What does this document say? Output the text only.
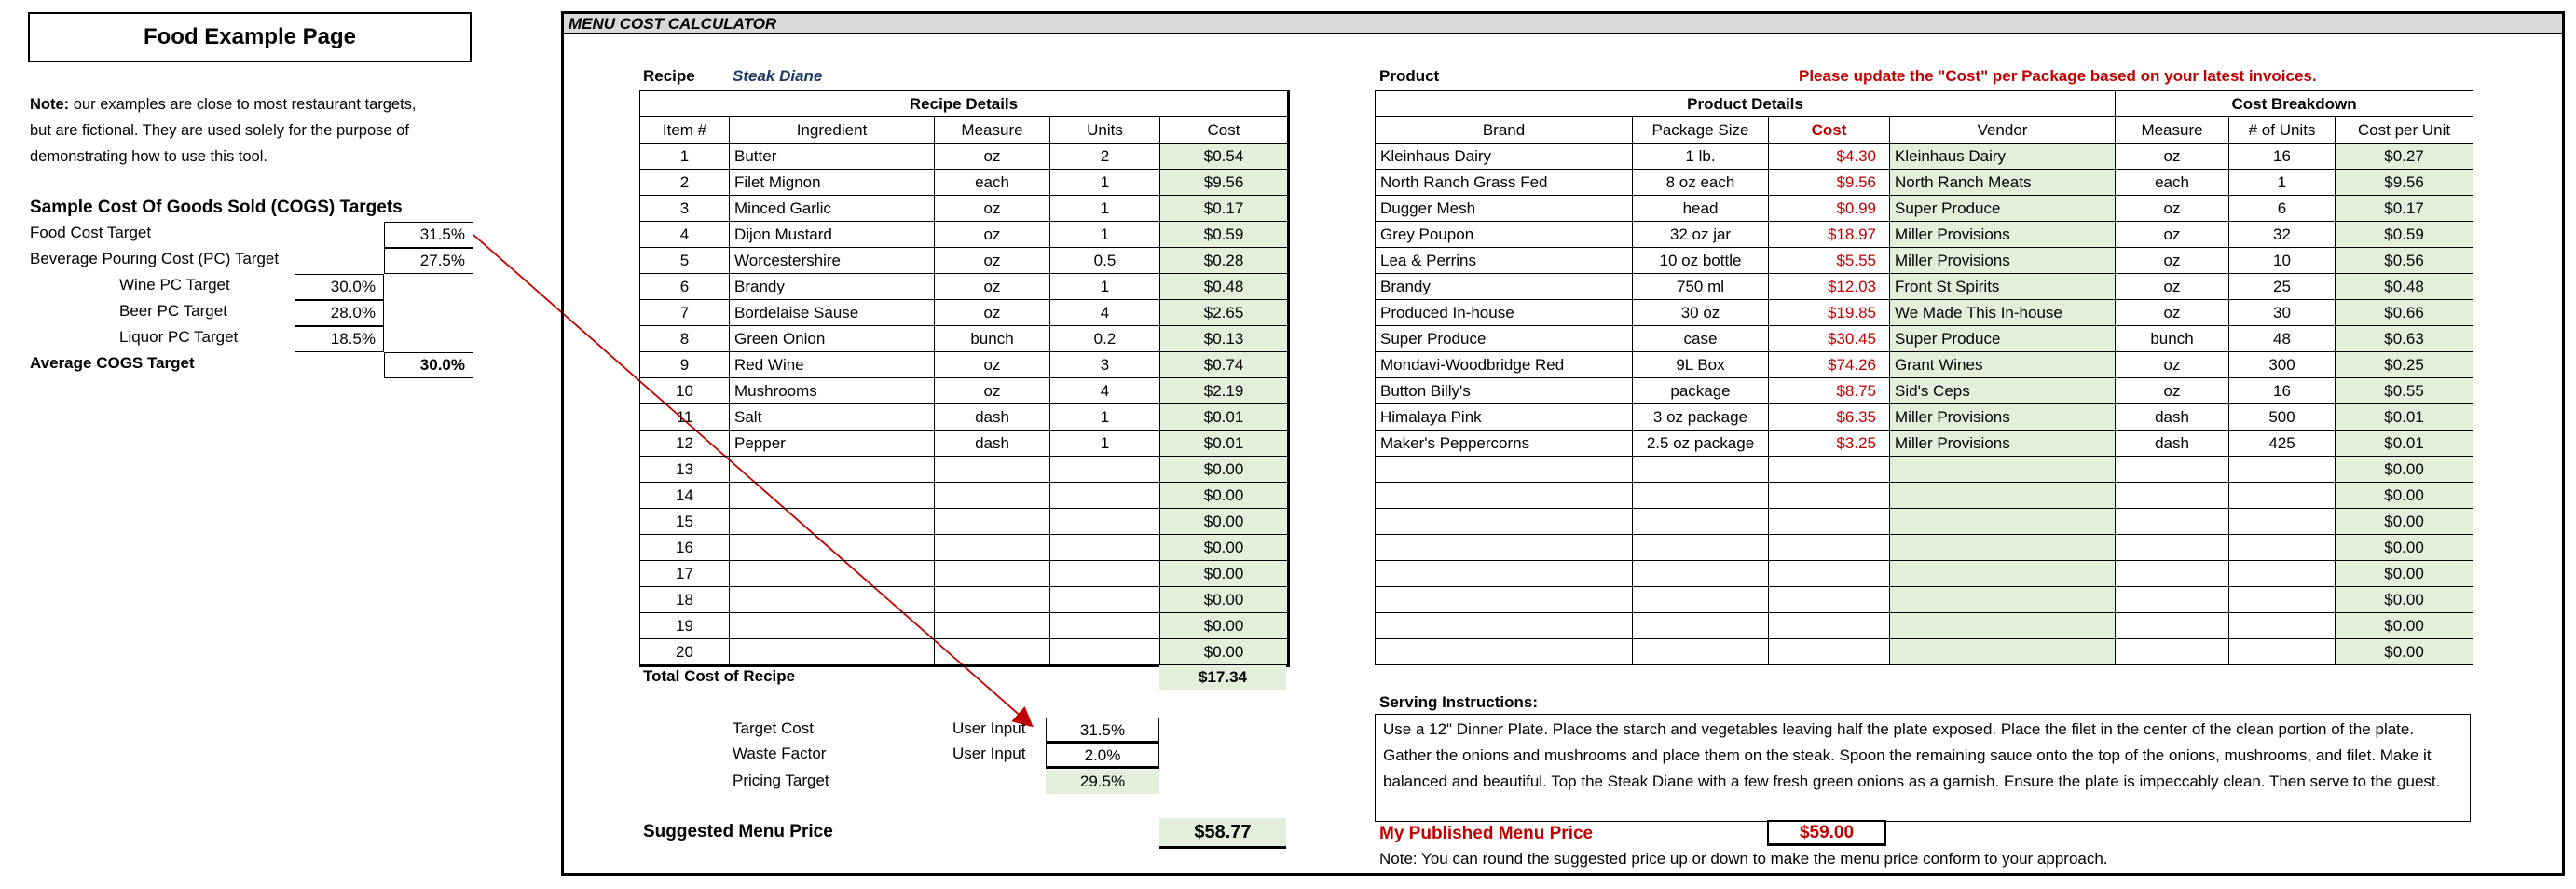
Food Example Page
Note: our examples are close to most restaurant targets, but are fictional. They are used solely for the purpose of demonstrating how to use this tool.
Sample Cost Of Goods Sold (COGS) Targets
Food Cost Target	31.5%
Beverage Pouring Cost (PC) Target	27.5%
Wine PC Target	30.0%
Beer PC Target	28.0%
Liquor PC Target	18.5%
Average COGS Target	30.0%
MENU COST CALCULATOR
Recipe Steak Diane
Recipe Details				
Item #	Ingredient	Measure	Units	Cost
1	Butter	oz	2	$0.54
2	Filet Mignon	each	1	$9.56
3	Minced Garlic	oz	1	$0.17
4	Dijon Mustard	oz	1	$0.59
5	Worcestershire	oz	0.5	$0.28
6	Brandy	oz	1	$0.48
7	Bordelaise Sause	oz	4	$2.65
8	Green Onion	bunch	0.2	$0.13
9	Red Wine	oz	3	$0.74
10	Mushrooms	oz	4	$2.19
11	Salt	dash	1	$0.01
12	Pepper	dash	1	$0.01
13				$0.00
14				$0.00
15				$0.00
16				$0.00
17				$0.00
18				$0.00
19				$0.00
20				$0.00
Total Cost of Recipe	$17.34
Target Cost	User Input	31.5%
Waste Factor	User Input	2.0%
Pricing Target	29.5%
Suggested Menu Price	$58.77
Product	Please update the "Cost" per Package based on your latest invoices.
Product Details				Cost Breakdown		
Brand	Package Size	Cost	Vendor	Measure	# of Units	Cost per Unit
Kleinhaus Dairy	1 lb.	$4.30	Kleinhaus Dairy	oz	16	$0.27
North Ranch Grass Fed	8 oz each	$9.56	North Ranch Meats	each	1	$9.56
Dugger Mesh	head	$0.99	Super Produce	oz	6	$0.17
Grey Poupon	32 oz jar	$18.97	Miller Provisions	oz	32	$0.59
Lea & Perrins	10 oz bottle	$5.55	Miller Provisions	oz	10	$0.56
Brandy	750 ml	$12.03	Front St Spirits	oz	25	$0.48
Produced In-house	30 oz	$19.85	We Made This In-house	oz	30	$0.66
Super Produce	case	$30.45	Super Produce	bunch	48	$0.63
Mondavi-Woodbridge Red	9L Box	$74.26	Grant Wines	oz	300	$0.25
Button Billy's	package	$8.75	Sid's Ceps	oz	16	$0.55
Himalaya Pink	3 oz package	$6.35	Miller Provisions	dash	500	$0.01
Maker's Peppercorns	2.5 oz package	$3.25	Miller Provisions	dash	425	$0.01
						$0.00
						$0.00
						$0.00
						$0.00
						$0.00
						$0.00
						$0.00
						$0.00
Serving Instructions:
Use a 12" Dinner Plate. Place the starch and vegetables leaving half the plate exposed. Place the filet in the center of the clean portion of the plate. Gather the onions and mushrooms and place them on the steak. Spoon the remaining sauce onto the top of the onions, mushrooms, and filet. Make it balanced and beautiful. Top the Steak Diane with a few fresh green onions as a garnish. Ensure the plate is impeccably clean. Then serve to the guest.
My Published Menu Price	$59.00
Note: You can round the suggested price up or down to make the menu price conform to your approach.
